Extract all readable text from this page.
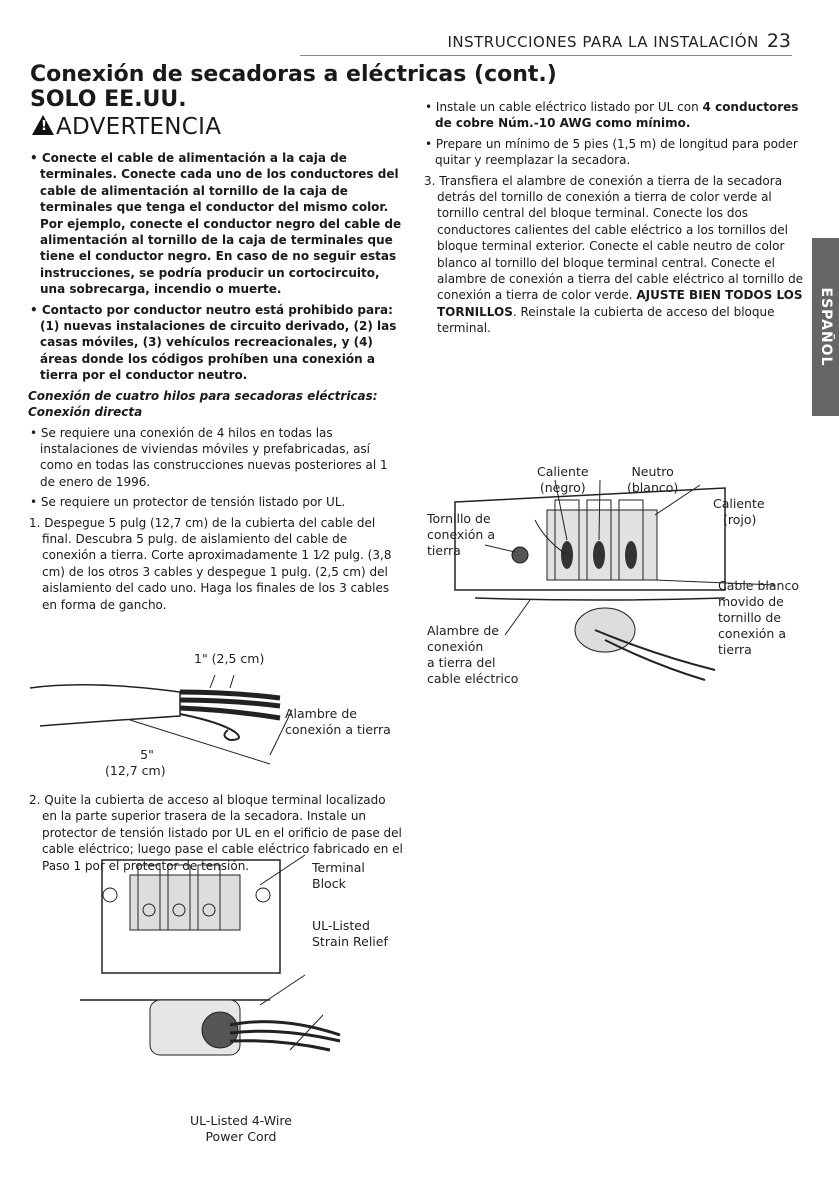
INSTRUCCIONES PARA LA INSTALACIÓN 23
Conexión de secadoras a eléctricas (cont.)
SOLO EE.UU.
! ADVERTENCIA

• Conecte el cable de alimentación a la caja de terminales. Conecte cada uno de los conductores del cable de alimentación al tornillo de la caja de terminales que tenga el conductor del mismo color. Por ejemplo, conecte el conductor negro del cable de alimentación al tornillo de la caja de terminales que tiene el conductor negro. En caso de no seguir estas instrucciones, se podría producir un cortocircuito, una sobrecarga, incendio o muerte.

• Contacto por conductor neutro está prohibido para: (1) nuevas instalaciones de circuito derivado, (2) las casas móviles, (3) vehículos recreacionales, y (4) áreas donde los códigos prohíben una conexión a tierra por el conductor neutro.

Conexión de cuatro hilos para secadoras eléctricas: Conexión directa

• Se requiere una conexión de 4 hilos en todas las instalaciones de viviendas móviles y prefabricadas, así como en todas las construcciones nuevas posteriores al 1 de enero de 1996.

• Se requiere un protector de tensión listado por UL.

1. Despegue 5 pulg (12,7 cm) de la cubierta del cable del final. Descubra 5 pulg. de aislamiento del cable de conexión a tierra. Corte aproximadamente 1 1⁄2 pulg. (3,8 cm) de los otros 3 cables y despegue 1 pulg. (2,5 cm) del aislamiento del cado uno. Haga los finales de los 3 cables en forma de gancho.

1" (2,5 cm)
Alambre de
conexión a tierra
5"
(12,7 cm)

2. Quite la cubierta de acceso al bloque terminal localizado en la parte superior trasera de la secadora. Instale un protector de tensión listado por UL en el orificio de pase del cable eléctrico; luego pase el cable eléctrico fabricado en el Paso 1 por el protector de tensión.	Terminal
Block
UL-Listed
Strain Relief
UL-Listed 4-Wire
Power Cord

• Instale un cable eléctrico listado por UL con 4 conductores de cobre Núm.-10 AWG como mínimo.

• Prepare un mínimo de 5 pies (1,5 m) de longitud para poder quitar y reemplazar la secadora.

3. Transfiera el alambre de conexión a tierra de la secadora detrás del tornillo de conexión a tierra de color verde al tornillo central del bloque terminal. Conecte los dos conductores calientes del cable eléctrico a los tornillos del bloque terminal exterior. Conecte el cable neutro de color blanco al tornillo del bloque terminal central. Conecte el alambre de conexión a tierra del cable eléctrico al tornillo de conexión a tierra de color verde. AJUSTE BIEN TODOS LOS TORNILLOS. Reinstale la cubierta de acceso del bloque terminal.

Caliente
(negro)
Neutro
(blanco)
Caliente
(rojo)
Tornillo de
conexión a
tierra
Cable blanco
movido de
tornillo de
conexión a
tierra
Alambre de
conexión
a tierra del
cable eléctrico
ESPAÑOL
